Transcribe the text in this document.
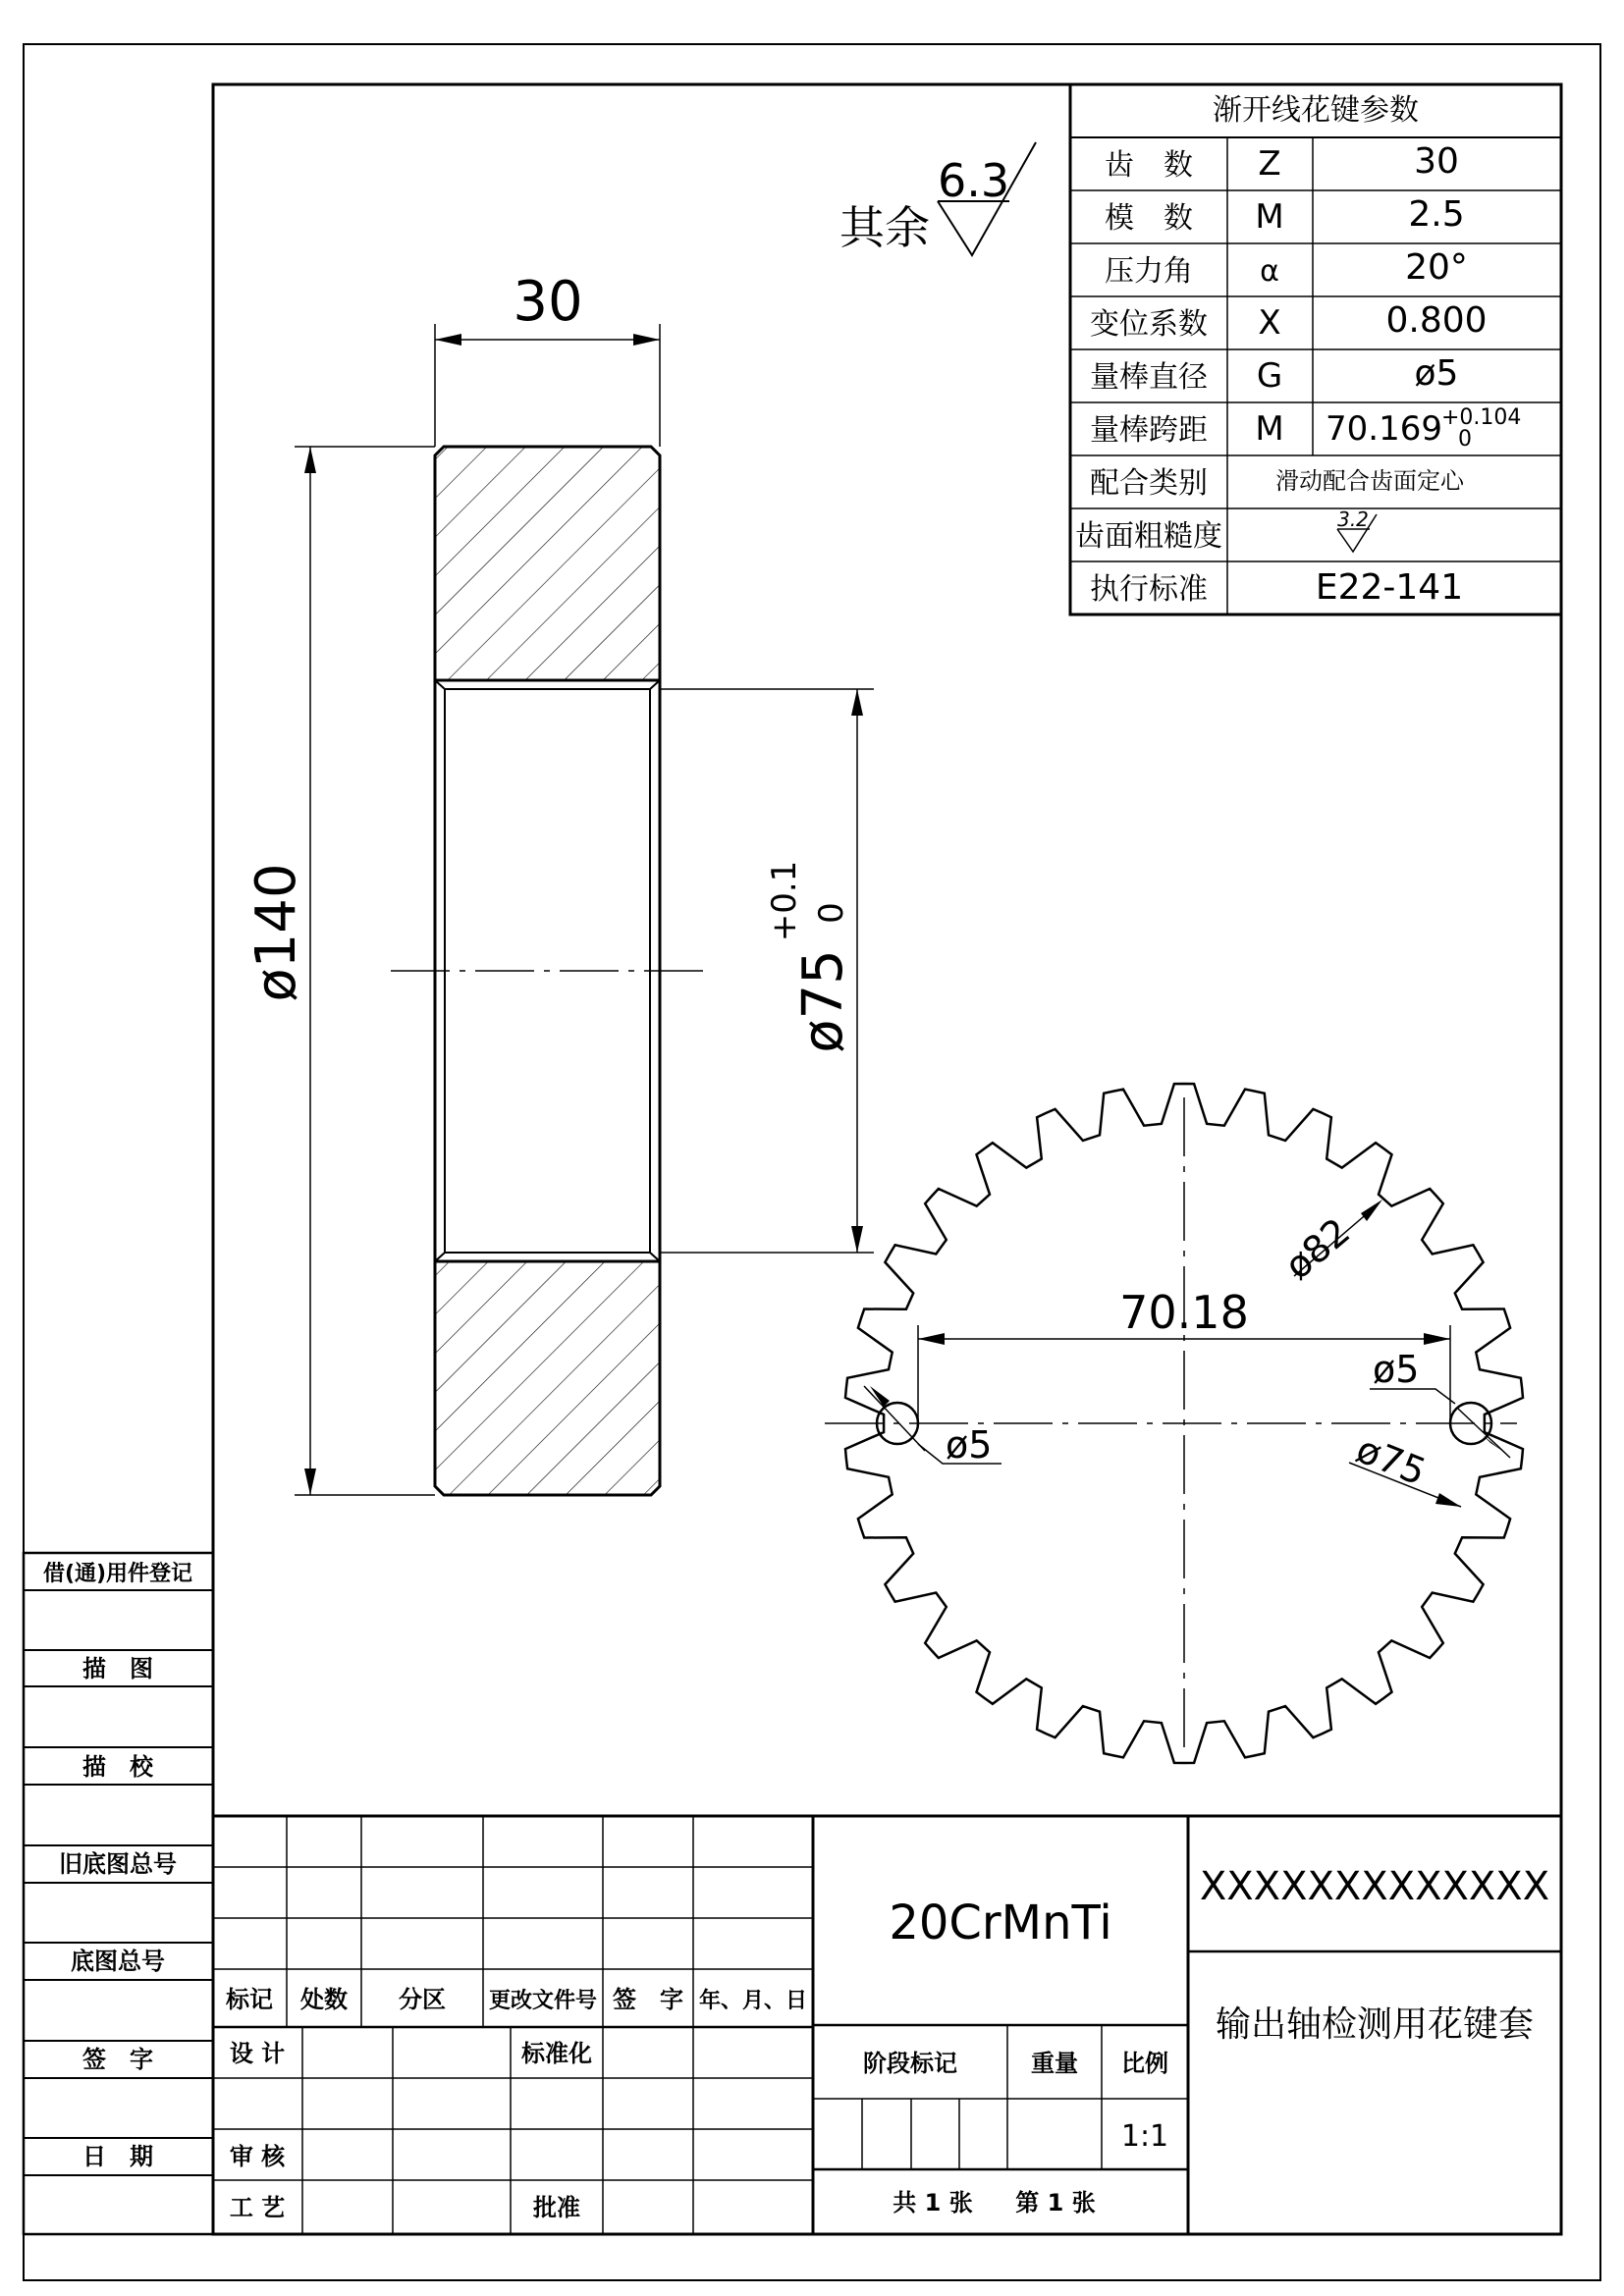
其余
6.3
渐开线花键参数
齿　数 Z	30
模　数 M	2.5
压力角 α	20°
变位系数 X	0.800
量棒直径 G	ø5
量棒跨距 M 70.169 +0.104
0
配合类别	滑动配合齿面定心
齿面粗糙度	3.2
执行标准	E22-141
30
ø140	ø75
+0.1 0
70.18
ø5
ø5
ø82
ø75
借(通)用件登记
描　图
描　校
旧底图总号
底图总号
签　字
日　期
标记 处数 分区 更改文件号 签　字 年、月、日
设 计	标准化
审 核
工 艺	批准
20CrMnTi
阶段标记	重量 比例
1:1
共 1 张 第 1 张
XXXXXXXXXXXXX
输出轴检测用花键套
